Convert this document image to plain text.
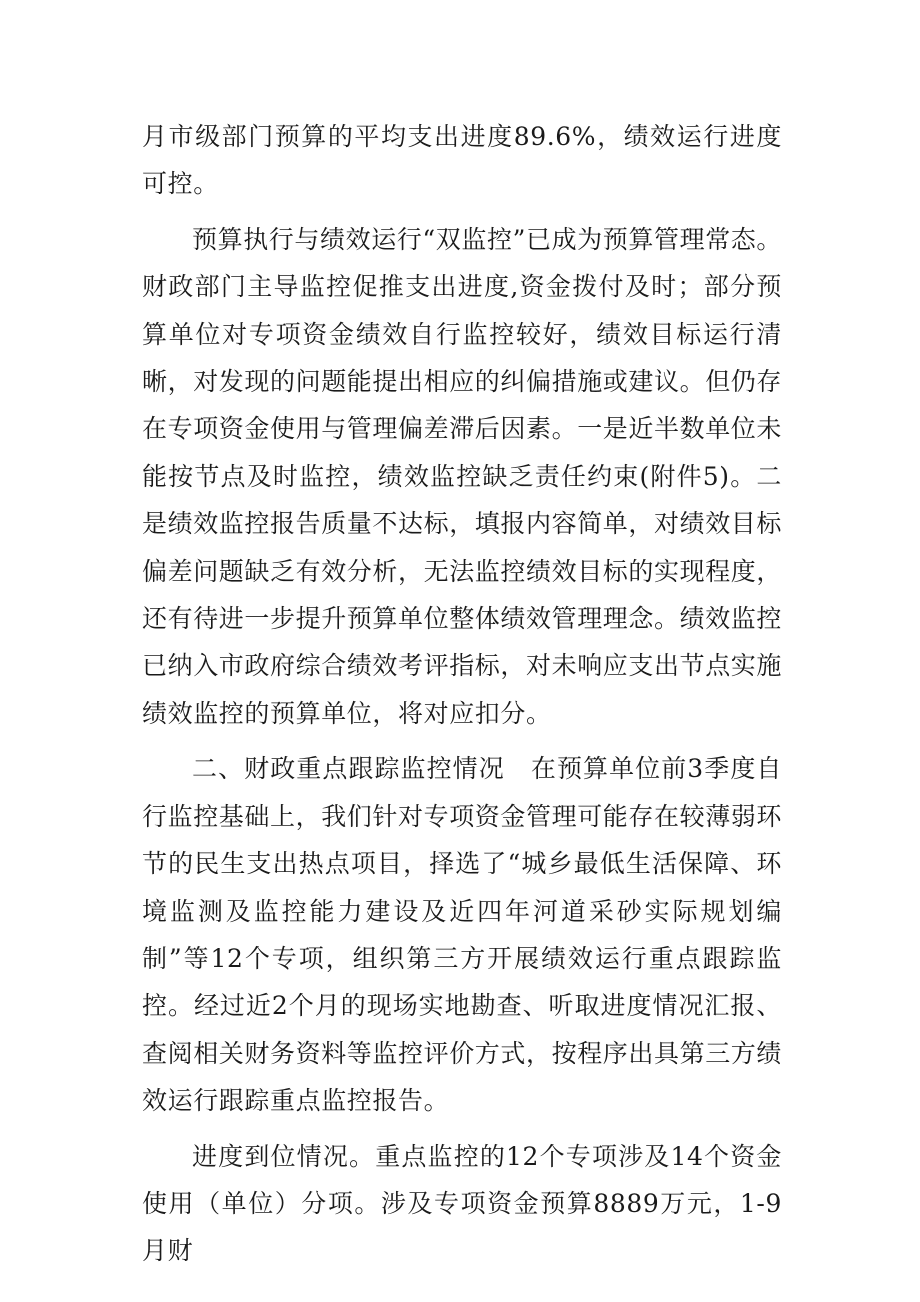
月市级部门预算的平均支出进度89.6%，绩效运行进度可控。

预算执行与绩效运行“双监控”已成为预算管理常态。财政部门主导监控促推支出进度,资金拨付及时；部分预算单位对专项资金绩效自行监控较好，绩效目标运行清晰，对发现的问题能提出相应的纠偏措施或建议。但仍存在专项资金使用与管理偏差滞后因素。一是近半数单位未能按节点及时监控，绩效监控缺乏责任约束(附件5)。二是绩效监控报告质量不达标，填报内容简单，对绩效目标偏差问题缺乏有效分析，无法监控绩效目标的实现程度，还有待进一步提升预算单位整体绩效管理理念。绩效监控已纳入市政府综合绩效考评指标，对未响应支出节点实施绩效监控的预算单位，将对应扣分。

二、财政重点跟踪监控情况　在预算单位前3季度自行监控基础上，我们针对专项资金管理可能存在较薄弱环节的民生支出热点项目，择选了“城乡最低生活保障、环境监测及监控能力建设及近四年河道采砂实际规划编制”等12个专项，组织第三方开展绩效运行重点跟踪监控。经过近2个月的现场实地勘查、听取进度情况汇报、查阅相关财务资料等监控评价方式，按程序出具第三方绩效运行跟踪重点监控报告。

进度到位情况。重点监控的12个专项涉及14个资金使用（单位）分项。涉及专项资金预算8889万元，1-9月财
